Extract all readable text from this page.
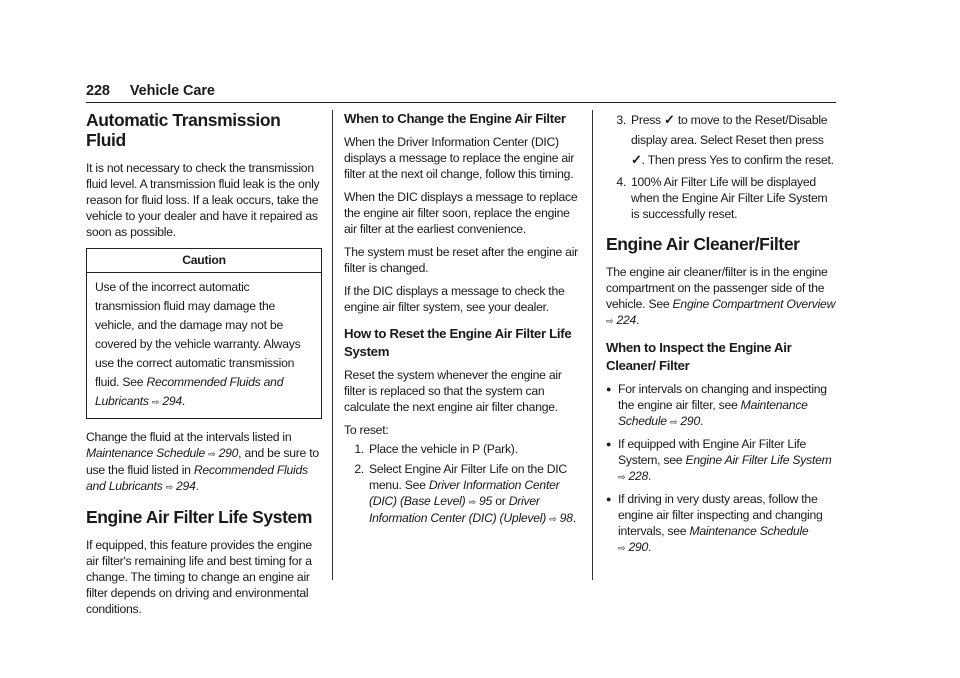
228 Vehicle Care
Automatic Transmission Fluid

It is not necessary to check the transmission fluid level. A transmission fluid leak is the only reason for fluid loss. If a leak occurs, take the vehicle to your dealer and have it repaired as soon as possible.

Caution
Use of the incorrect automatic transmission fluid may damage the vehicle, and the damage may not be covered by the vehicle warranty. Always use the correct automatic transmission fluid. See Recommended Fluids and Lubricants ⇨ 294.

Change the fluid at the intervals listed in Maintenance Schedule ⇨ 290, and be sure to use the fluid listed in Recommended Fluids and Lubricants ⇨ 294.

Engine Air Filter Life System

If equipped, this feature provides the engine air filter's remaining life and best timing for a change. The timing to change an engine air filter depends on driving and environmental conditions.

When to Change the Engine Air Filter

When the Driver Information Center (DIC) displays a message to replace the engine air filter at the next oil change, follow this timing.

When the DIC displays a message to replace the engine air filter soon, replace the engine air filter at the earliest convenience.

The system must be reset after the engine air filter is changed.

If the DIC displays a message to check the engine air filter system, see your dealer.

How to Reset the Engine Air Filter Life System

Reset the system whenever the engine air filter is replaced so that the system can calculate the next engine air filter change.

To reset:

1. Place the vehicle in P (Park).
2. Select Engine Air Filter Life on the DIC menu. See Driver Information Center (DIC) (Base Level) ⇨ 95 or Driver Information Center (DIC) (Uplevel) ⇨ 98.
3. Press ✓ to move to the Reset/Disable display area. Select Reset then press ✓. Then press Yes to confirm the reset.
4. 100% Air Filter Life will be displayed when the Engine Air Filter Life System is successfully reset.
Engine Air Cleaner/Filter

The engine air cleaner/filter is in the engine compartment on the passenger side of the vehicle. See Engine Compartment Overview
⇨ 224.

When to Inspect the Engine Air Cleaner/ Filter
● For intervals on changing and inspecting the engine air filter, see Maintenance Schedule ⇨ 290.
● If equipped with Engine Air Filter Life System, see Engine Air Filter Life System
⇨ 228.
● If driving in very dusty areas, follow the engine air filter inspecting and changing intervals, see Maintenance Schedule
⇨ 290.
